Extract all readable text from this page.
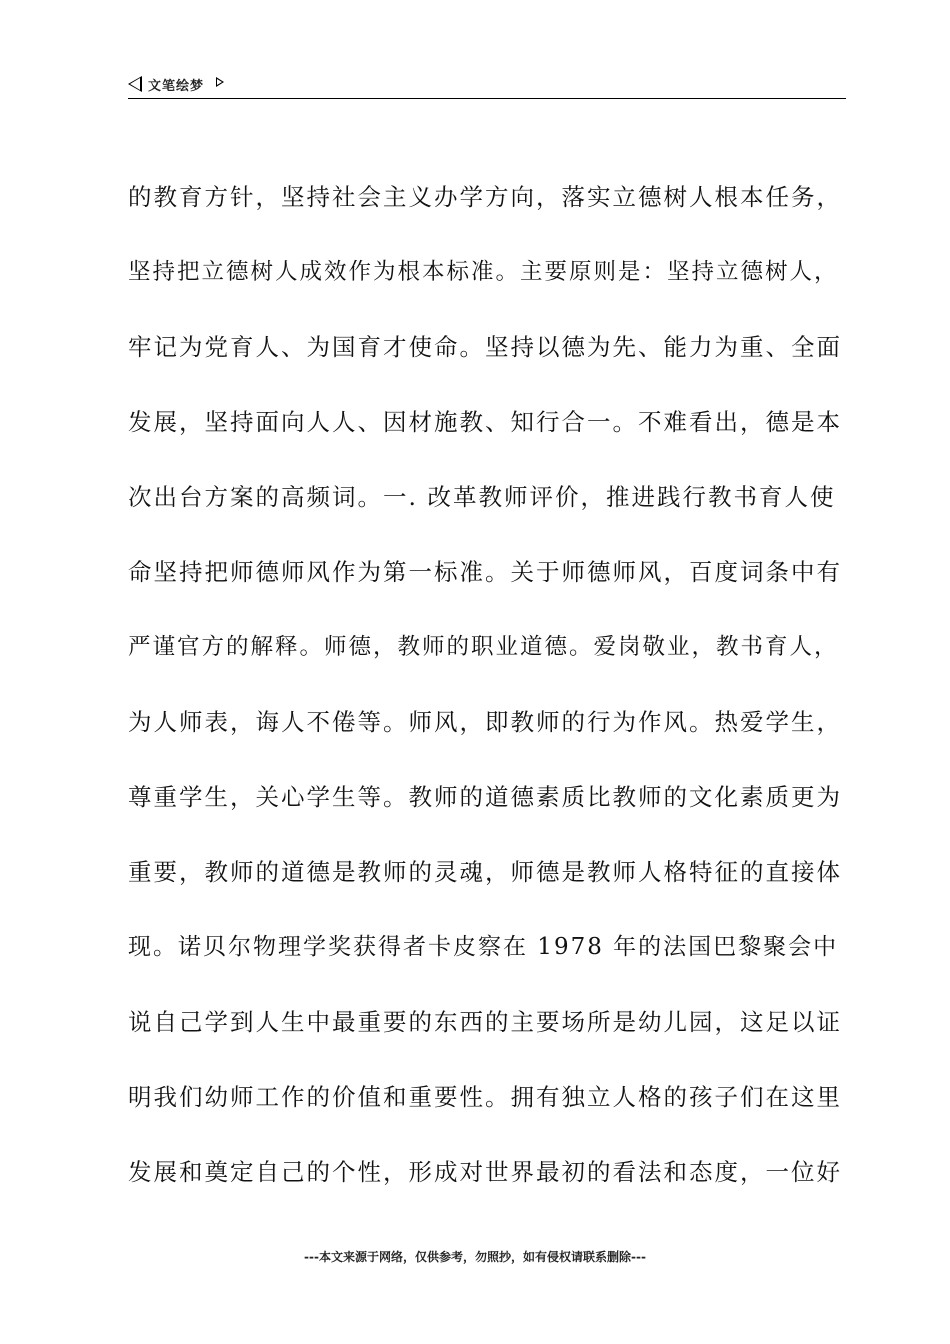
文笔绘梦
的教育方针，坚持社会主义办学方向，落实立德树人根本任务，
坚持把立德树人成效作为根本标准。主要原则是：坚持立德树人，
牢记为党育人、为国育才使命。坚持以德为先、能力为重、全面
发展，坚持面向人人、因材施教、知行合一。不难看出，德是本
次出台方案的高频词。一. 改革教师评价，推进践行教书育人使
命坚持把师德师风作为第一标准。关于师德师风，百度词条中有
严谨官方的解释。师德，教师的职业道德。爱岗敬业，教书育人，
为人师表，诲人不倦等。师风，即教师的行为作风。热爱学生，
尊重学生，关心学生等。教师的道德素质比教师的文化素质更为
重要，教师的道德是教师的灵魂，师德是教师人格特征的直接体
现。诺贝尔物理学奖获得者卡皮察在 1978 年的法国巴黎聚会中
说自己学到人生中最重要的东西的主要场所是幼儿园，这足以证
明我们幼师工作的价值和重要性。拥有独立人格的孩子们在这里
发展和奠定自己的个性，形成对世界最初的看法和态度，一位好
---本文来源于网络，仅供参考，勿照抄，如有侵权请联系删除---
